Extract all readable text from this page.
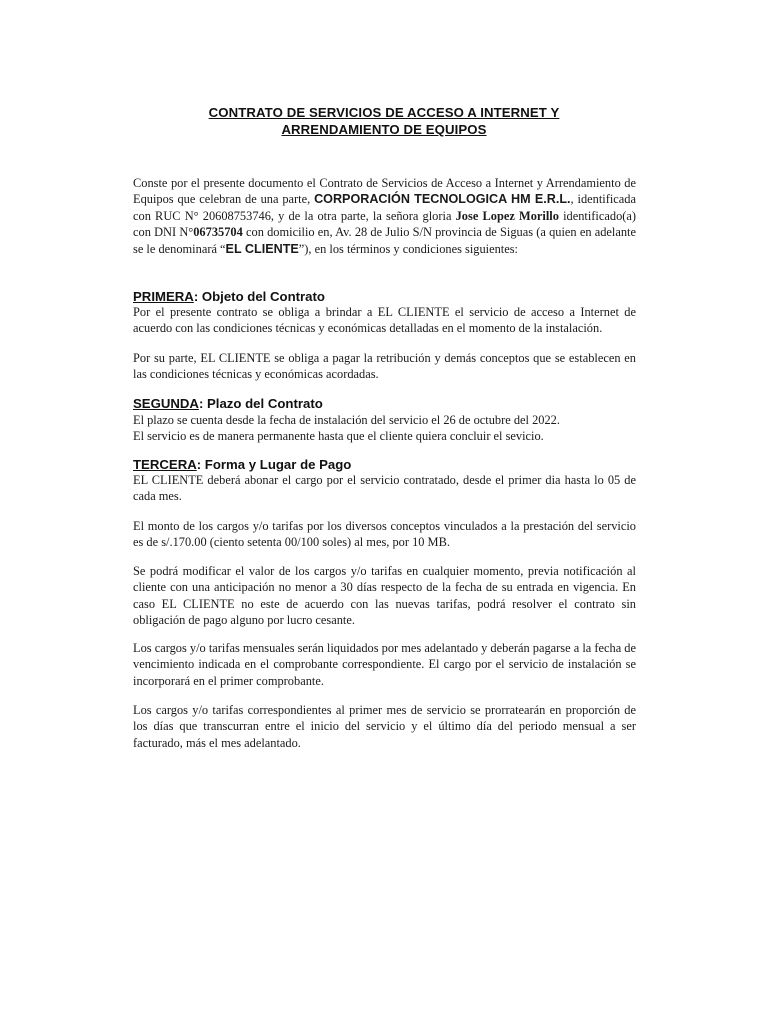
CONTRATO DE SERVICIOS DE ACCESO A INTERNET Y
ARRENDAMIENTO DE EQUIPOS

Conste por el presente documento el Contrato de Servicios de Acceso a Internet y Arrendamiento de Equipos que celebran de una parte, CORPORACIÓN TECNOLOGICA HM E.R.L., identificada con RUC N° 20608753746, y de la otra parte, la señora gloria Jose Lopez Morillo identificado(a) con DNI N°06735704 con domicilio en, Av. 28 de Julio S/N provincia de Siguas (a quien en adelante se le denominará “EL CLIENTE”), en los términos y condiciones siguientes:

PRIMERA: Objeto del Contrato

Por el presente contrato se obliga a brindar a EL CLIENTE el servicio de acceso a Internet de acuerdo con las condiciones técnicas y económicas detalladas en el momento de la instalación.

Por su parte, EL CLIENTE se obliga a pagar la retribución y demás conceptos que se establecen en las condiciones técnicas y económicas acordadas.

SEGUNDA: Plazo del Contrato

El plazo se cuenta desde la fecha de instalación del servicio el 26 de octubre del 2022.

El servicio es de manera permanente hasta que el cliente quiera concluir el sevicio.

TERCERA: Forma y Lugar de Pago

EL CLIENTE deberá abonar el cargo por el servicio contratado, desde el primer dia hasta lo 05 de cada mes.

El monto de los cargos y/o tarifas por los diversos conceptos vinculados a la prestación del servicio es de s/.170.00 (ciento setenta 00/100 soles) al mes, por 10 MB.

Se podrá modificar el valor de los cargos y/o tarifas en cualquier momento, previa notificación al cliente con una anticipación no menor a 30 días respecto de la fecha de su entrada en vigencia. En caso EL CLIENTE no este de acuerdo con las nuevas tarifas, podrá resolver el contrato sin obligación de pago alguno por lucro cesante.

Los cargos y/o tarifas mensuales serán liquidados por mes adelantado y deberán pagarse a la fecha de vencimiento indicada en el comprobante correspondiente. El cargo por el servicio de instalación se incorporará en el primer comprobante.

Los cargos y/o tarifas correspondientes al primer mes de servicio se prorratearán en proporción de los días que transcurran entre el inicio del servicio y el último día del periodo mensual a ser facturado, más el mes adelantado.
